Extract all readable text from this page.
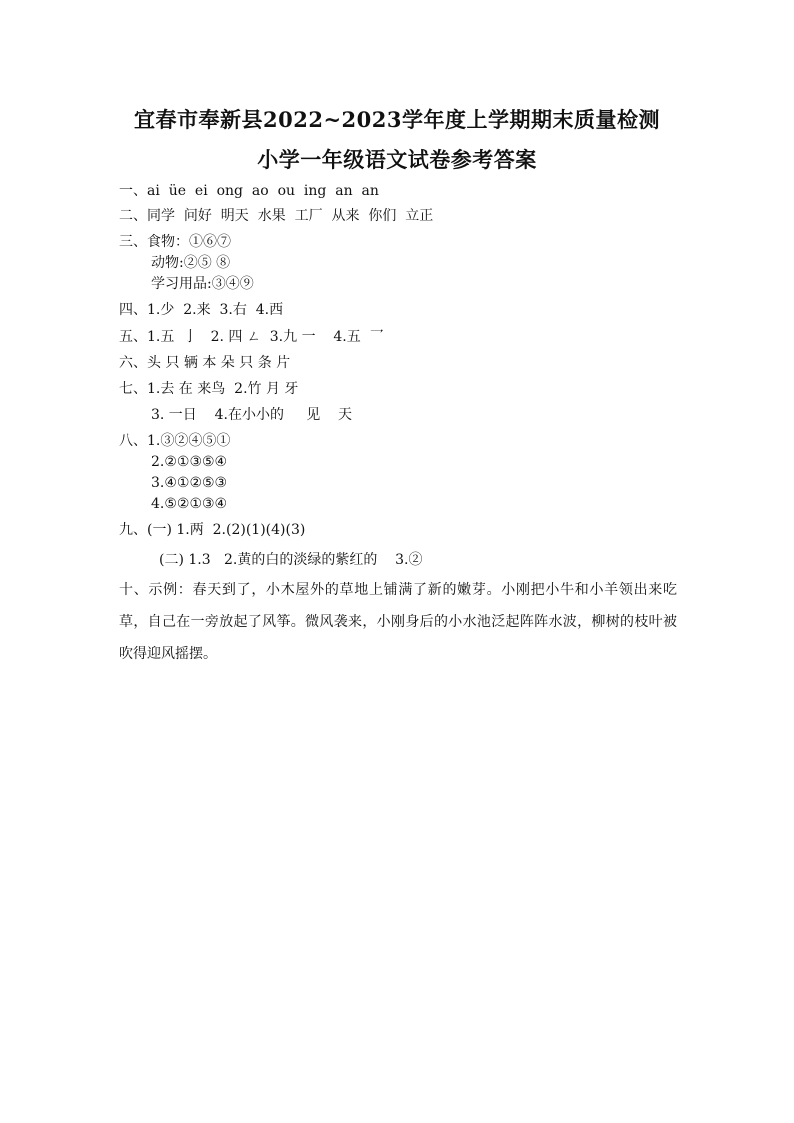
宜春市奉新县2022~2023学年度上学期期末质量检测
小学一年级语文试卷参考答案
一、ai  üe  ei  ong  ao  ou  ing  an  an
二、同学  问好  明天  水果  工厂  从来  你们  立正
三、食物：①⑥⑦
动物:②⑤ ⑧
学习用品:③④⑨
四、1.少  2.来  3.右  4.西
五、1.五  亅   2. 四 ㄥ  3.九 一    4.五  乛
六、头 只 辆 本 朵 只 条 片
七、1.去 在 来鸟  2.竹 月 牙
3. 一日    4.在小小的     见    天
八、1.③②④⑤①
2.②①③⑤④
3.④①②⑤③
4.⑤②①③④
九、(一) 1.两  2.(2)(1)(4)(3)
(二) 1.3   2.黄的白的淡绿的紫红的    3.②
十、示例：春天到了，小木屋外的草地上铺满了新的嫩芽。小刚把小牛和小羊领出来吃草，自己在一旁放起了风筝。微风袭来，小刚身后的小水池泛起阵阵水波，柳树的枝叶被吹得迎风摇摆。
